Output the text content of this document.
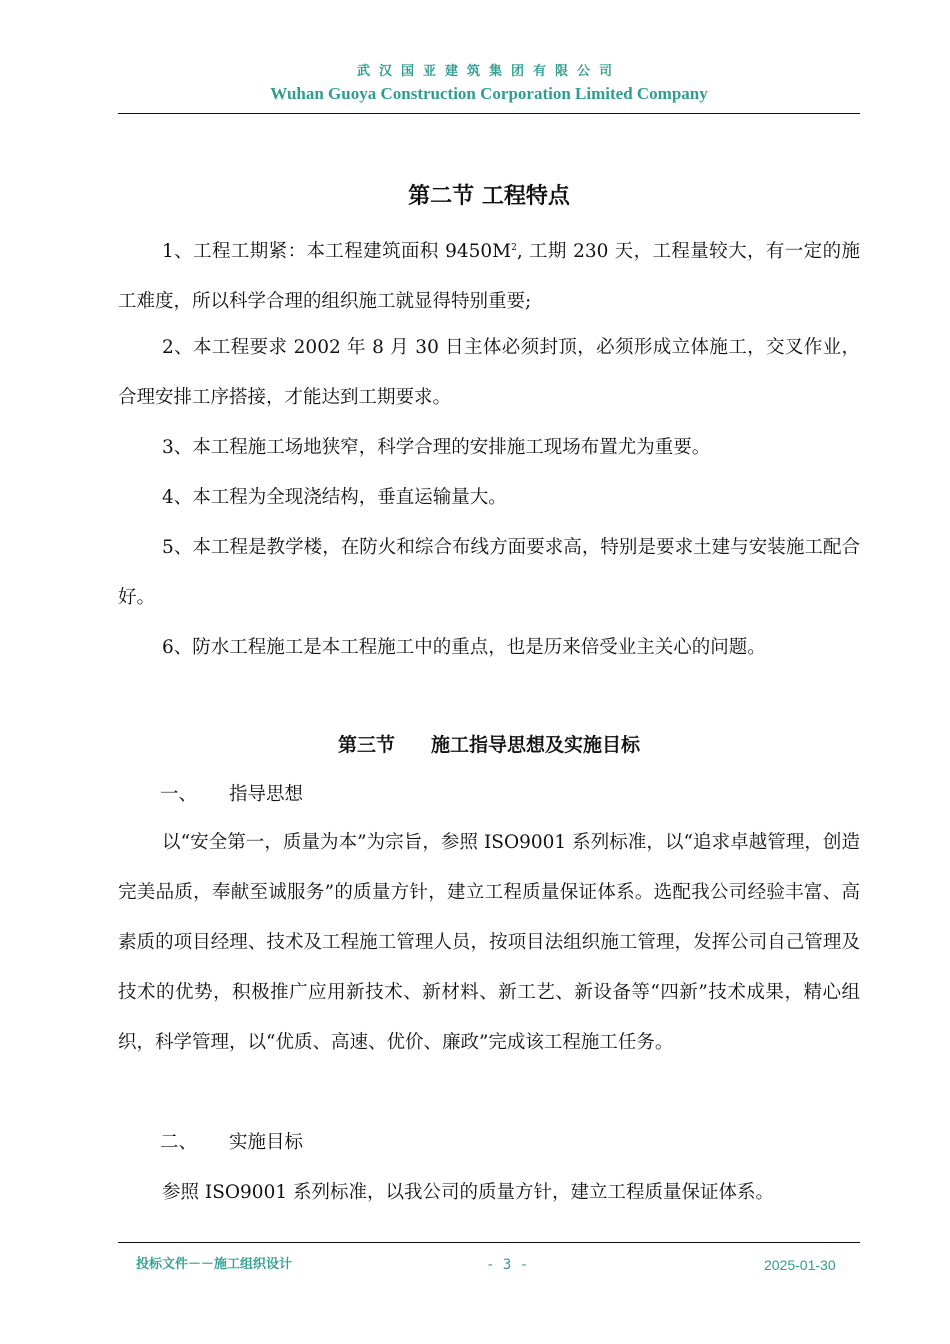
武汉国亚建筑集团有限公司
Wuhan Guoya Construction Corporation Limited Company
第二节 工程特点
1、工程工期紧：本工程建筑面积 $9450M^2$, 工期 230 天，工程量较大，有一定的施工难度，所以科学合理的组织施工就显得特别重要;
2、本工程要求 2002 年 8 月 30 日主体必须封顶，必须形成立体施工，交叉作业，合理安排工序搭接，才能达到工期要求。
3、本工程施工场地狭窄，科学合理的安排施工现场布置尤为重要。
4、本工程为全现浇结构，垂直运输量大。
5、本工程是教学楼，在防火和综合布线方面要求高，特别是要求土建与安装施工配合好。
6、防水工程施工是本工程施工中的重点，也是历来倍受业主关心的问题。
第三节 施工指导思想及实施目标
一、 指导思想
以“安全第一，质量为本”为宗旨，参照 ISO9001 系列标准，以“追求卓越管理，创造完美品质，奉献至诚服务”的质量方针，建立工程质量保证体系。选配我公司经验丰富、高素质的项目经理、技术及工程施工管理人员，按项目法组织施工管理，发挥公司自己管理及技术的优势，积极推广应用新技术、新材料、新工艺、新设备等“四新”技术成果，精心组织，科学管理，以“优质、高速、优价、廉政”完成该工程施工任务。
二、 实施目标
参照 ISO9001 系列标准，以我公司的质量方针，建立工程质量保证体系。
投标文件－－施工组织设计	- 3 -	2025-01-30
